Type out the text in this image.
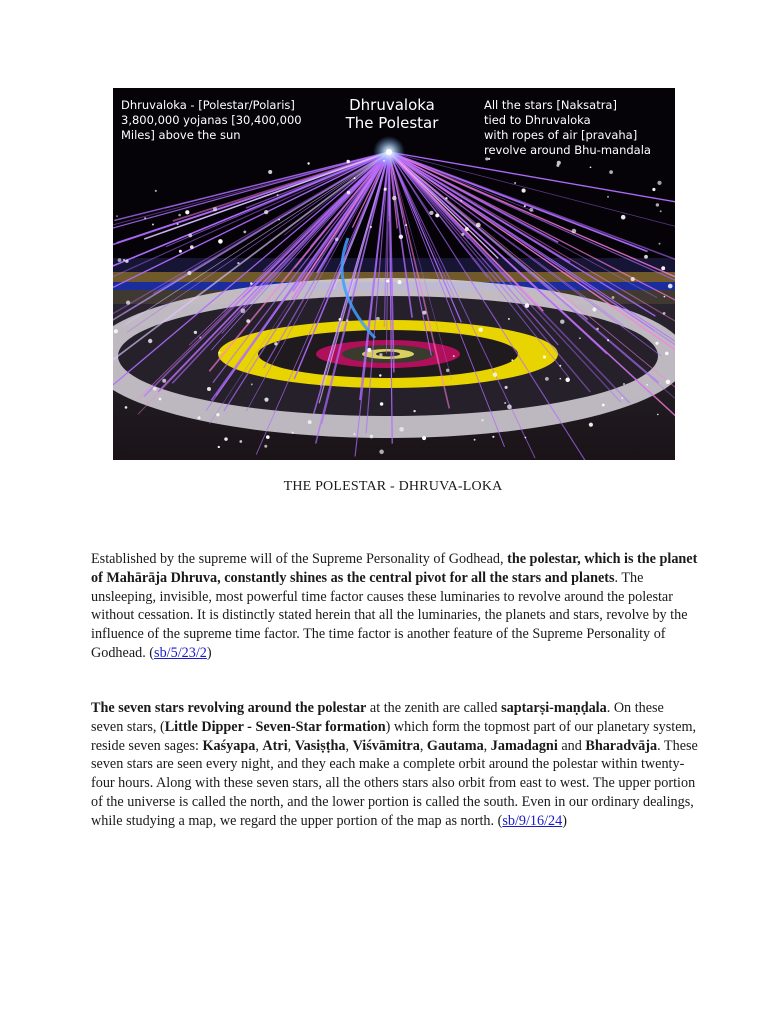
Dhruvaloka - [Polestar/Polaris]
3,800,000 yojanas [30,400,000
Miles] above the sun
Dhruvaloka
The Polestar
All the stars [Naksatra]
tied to Dhruvaloka
with ropes of air [pravaha]
revolve around Bhu-mandala
THE POLESTAR - DHRUVA-LOKA
Established by the supreme will of the Supreme Personality of Godhead, the polestar, which is the planet of Mahārāja Dhruva, constantly shines as the central pivot for all the stars and planets. The unsleeping, invisible, most powerful time factor causes these luminaries to revolve around the polestar without cessation. It is distinctly stated herein that all the luminaries, the planets and stars, revolve by the influence of the supreme time factor. The time factor is another feature of the Supreme Personality of Godhead. (sb/5/23/2)
The seven stars revolving around the polestar at the zenith are called saptarṣi-maṇḍala. On these seven stars, (Little Dipper - Seven-Star formation) which form the topmost part of our planetary system, reside seven sages: Kaśyapa, Atri, Vasiṣṭha, Viśvāmitra, Gautama, Jamadagni and Bharadvāja. These seven stars are seen every night, and they each make a complete orbit around the polestar within twenty-four hours. Along with these seven stars, all the others stars also orbit from east to west. The upper portion of the universe is called the north, and the lower portion is called the south. Even in our ordinary dealings, while studying a map, we regard the upper portion of the map as north. (sb/9/16/24)
